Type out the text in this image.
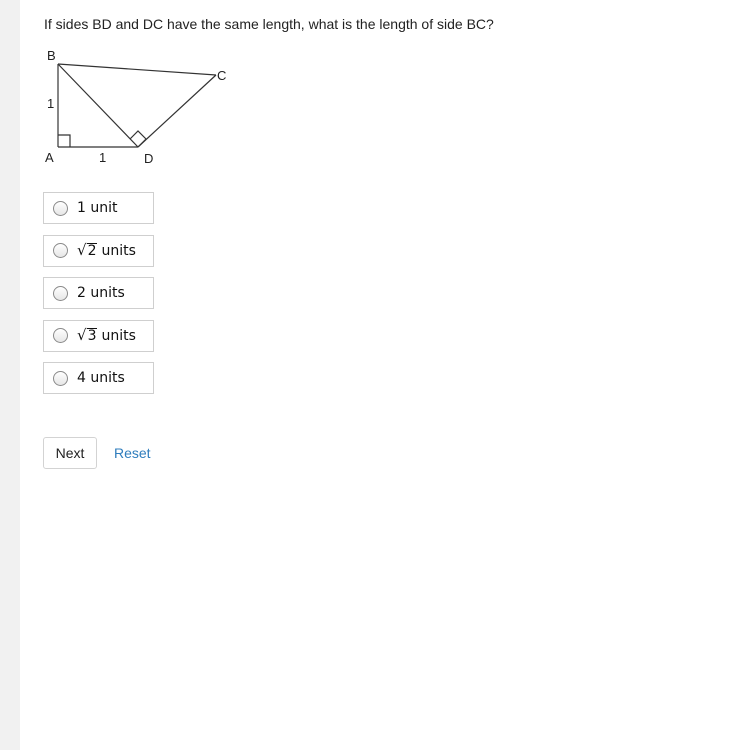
If sides BD and DC have the same length, what is the length of side BC?
B
C
A	D
1
1
1 unit
√ 2 units
2 units
√ 3 units
4 units
Next	Reset
